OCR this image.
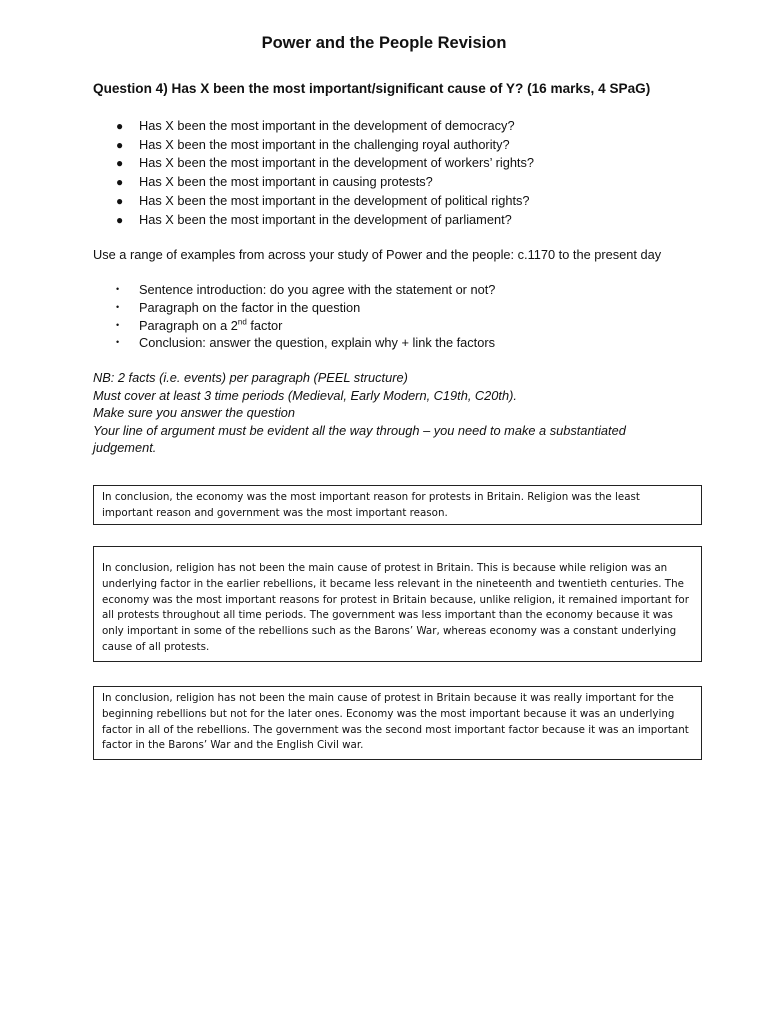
Power and the People Revision

Question 4) Has X been the most important/significant cause of Y? (16 marks, 4 SPaG)

● Has X been the most important in the development of democracy?
● Has X been the most important in the challenging royal authority?
● Has X been the most important in the development of workers’ rights?
● Has X been the most important in causing protests?
● Has X been the most important in the development of political rights?
● Has X been the most important in the development of parliament?

Use a range of examples from across your study of Power and the people: c.1170 to the present day

• Sentence introduction: do you agree with the statement or not?
• Paragraph on the factor in the question
• Paragraph on a 2nd factor
• Conclusion: answer the question, explain why + link the factors

NB: 2 facts (i.e. events) per paragraph (PEEL structure)
Must cover at least 3 time periods (Medieval, Early Modern, C19th, C20th).
Make sure you answer the question
Your line of argument must be evident all the way through – you need to make a substantiated judgement.

In conclusion, the economy was the most important reason for protests in Britain. Religion was the least important reason and government was the most important reason.

In conclusion, religion has not been the main cause of protest in Britain. This is because while religion was an underlying factor in the earlier rebellions, it became less relevant in the nineteenth and twentieth centuries. The economy was the most important reasons for protest in Britain because, unlike religion, it remained important for all protests throughout all time periods. The government was less important than the economy because it was only important in some of the rebellions such as the Barons’ War, whereas economy was a constant underlying cause of all protests.

In conclusion, religion has not been the main cause of protest in Britain because it was really important for the beginning rebellions but not for the later ones. Economy was the most important because it was an underlying factor in all of the rebellions. The government was the second most important factor because it was an important factor in the Barons’ War and the English Civil war.
